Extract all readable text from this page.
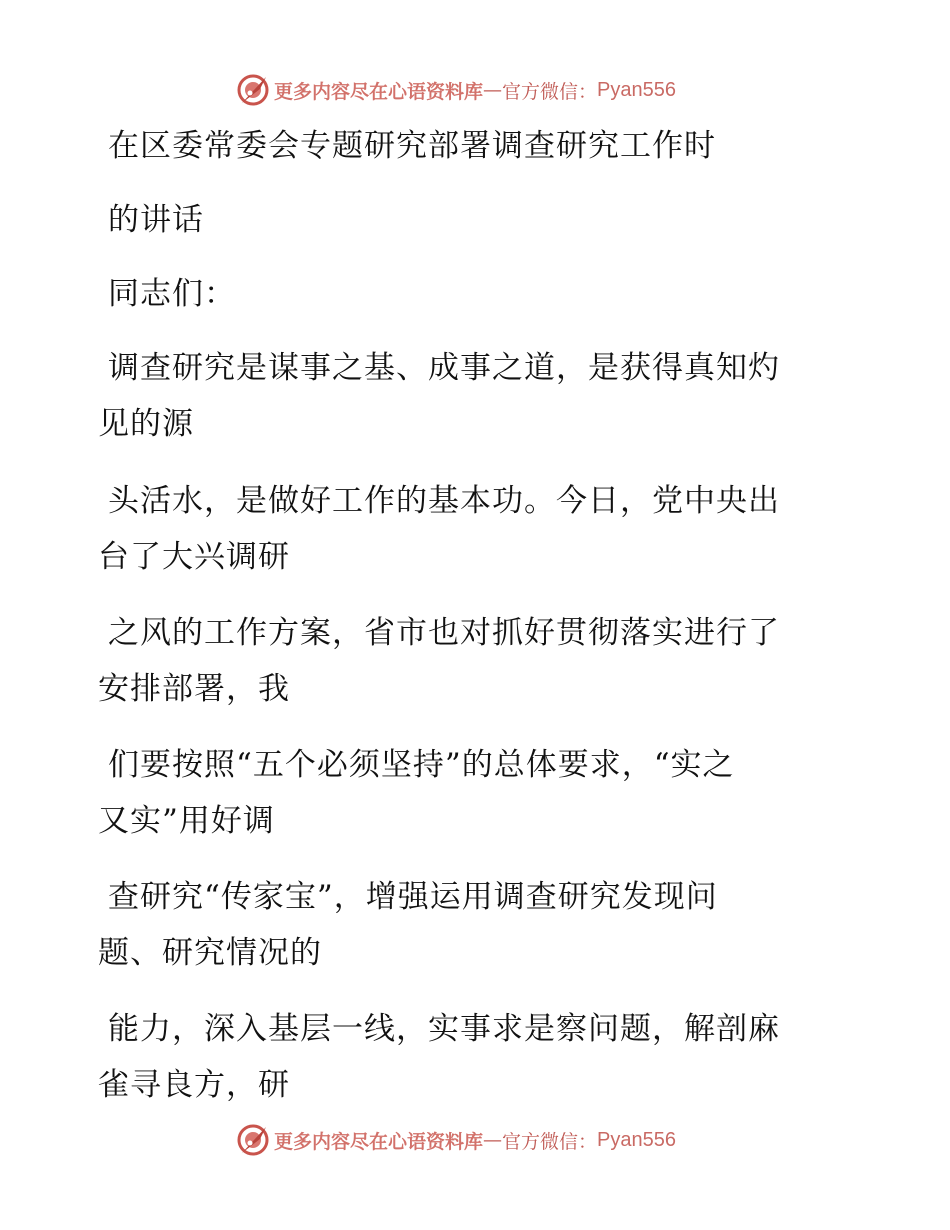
更多内容尽在心语资料库 — 官方微信： Pyan556
在区委常委会专题研究部署调查研究工作时
的讲话
同志们：
调查研究是谋事之基、成事之道，是获得真知灼
见的源
头活水，是做好工作的基本功。今日，党中央出
台了大兴调研
之风的工作方案，省市也对抓好贯彻落实进行了
安排部署，我
们要按照“五个必须坚持”的总体要求，“实之
又实”用好调
查研究“传家宝”，增强运用调查研究发现问
题、研究情况的
能力，深入基层一线，实事求是察问题，解剖麻
雀寻良方，研
更多内容尽在心语资料库 — 官方微信： Pyan556
